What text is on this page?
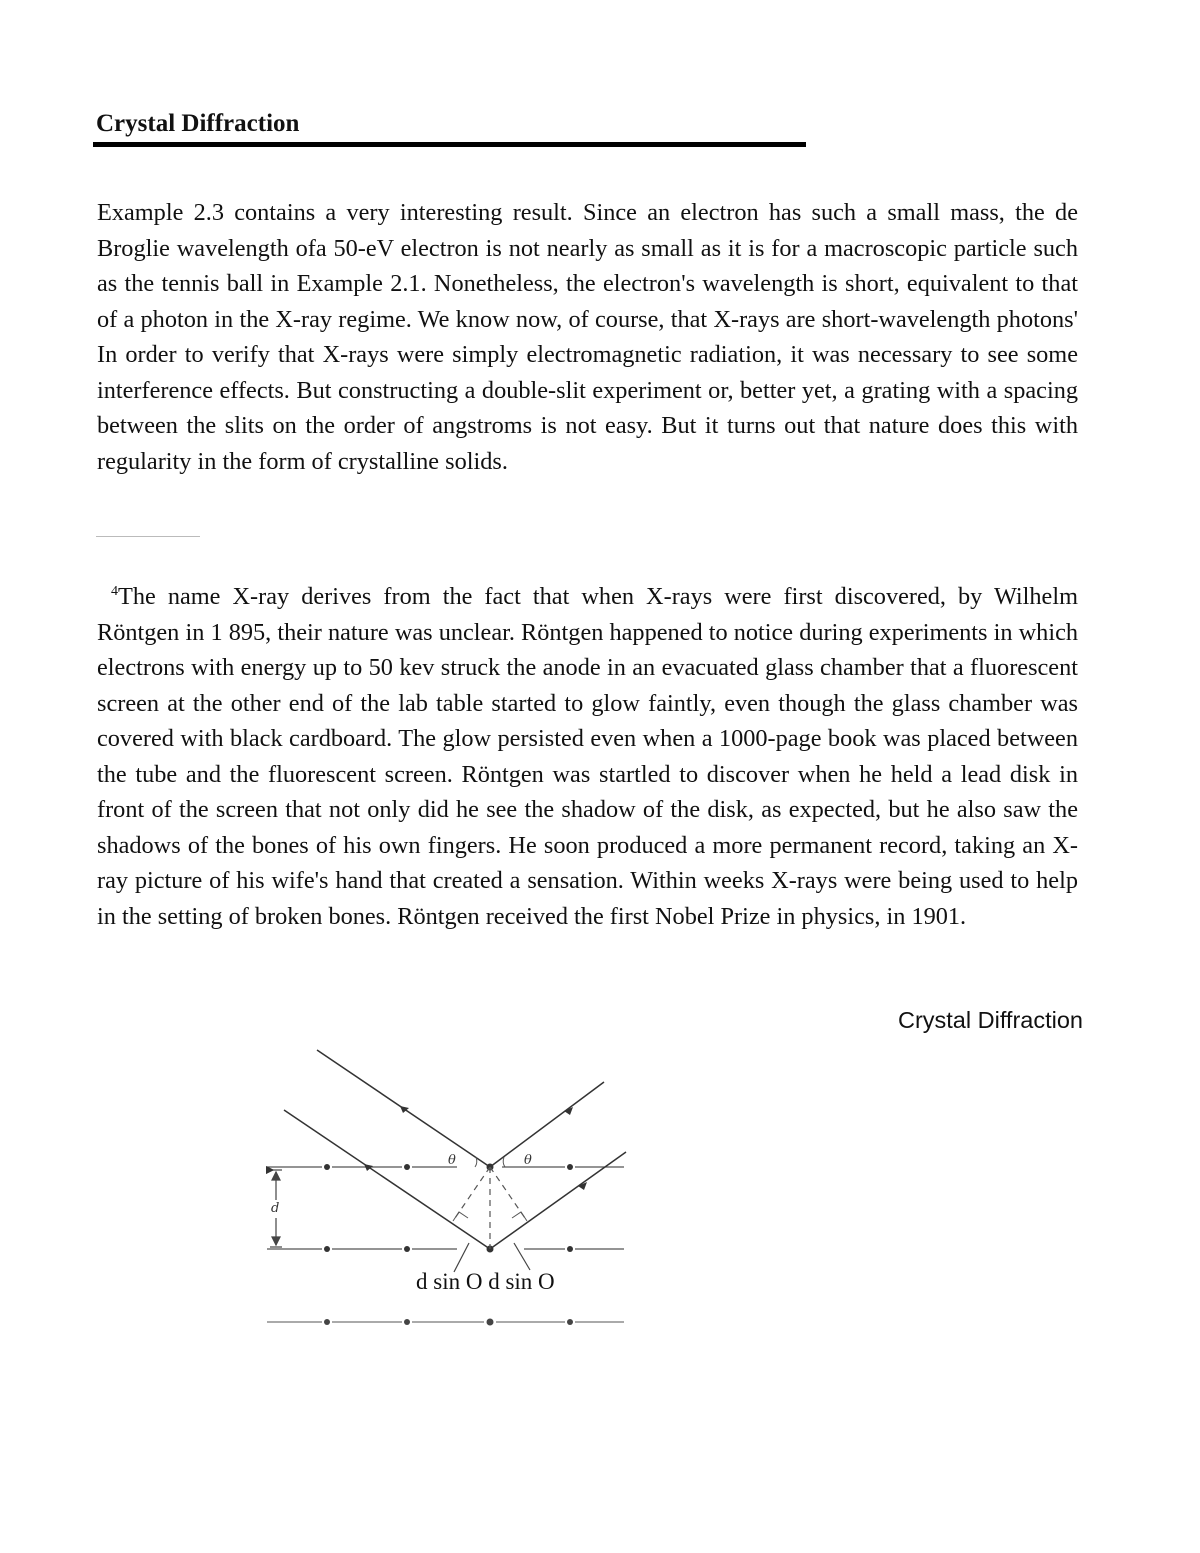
Crystal Diffraction

Example 2.3 contains a very interesting result. Since an electron has such a small mass, the de Broglie wavelength ofa 50-eV electron is not nearly as small as it is for a macroscopic particle such as the tennis ball in Example 2.1. Nonetheless, the electron's wavelength is short, equivalent to that of a photon in the X-ray regime. We know now, of course, that X-rays are short-wavelength photons' In order to verify that X-rays were simply electromagnetic radiation, it was necessary to see some interference effects. But constructing a double-slit experiment or, better yet, a grating with a spacing between the slits on the order of angstroms is not easy. But it turns out that nature does this with regularity in the form of crystalline solids.

$^4$The name X-ray derives from the fact that when X-rays were first discovered, by Wilhelm Röntgen in 1 895, their nature was unclear. Röntgen happened to notice during experiments in which electrons with energy up to 50 kev struck the anode in an evacuated glass chamber that a fluorescent screen at the other end of the lab table started to glow faintly, even though the glass chamber was covered with black cardboard. The glow persisted even when a 1000-page book was placed between the tube and the fluorescent screen. Röntgen was startled to discover when he held a lead disk in front of the screen that not only did he see the shadow of the disk, as expected, but he also saw the shadows of the bones of his own fingers. He soon produced a more permanent record, taking an X-ray picture of his wife's hand that created a sensation. Within weeks X-rays were being used to help in the setting of broken bones. Röntgen received the first Nobel Prize in physics, in 1901.

Crystal Diffraction

d
θ	θ
d sin O d sin O
